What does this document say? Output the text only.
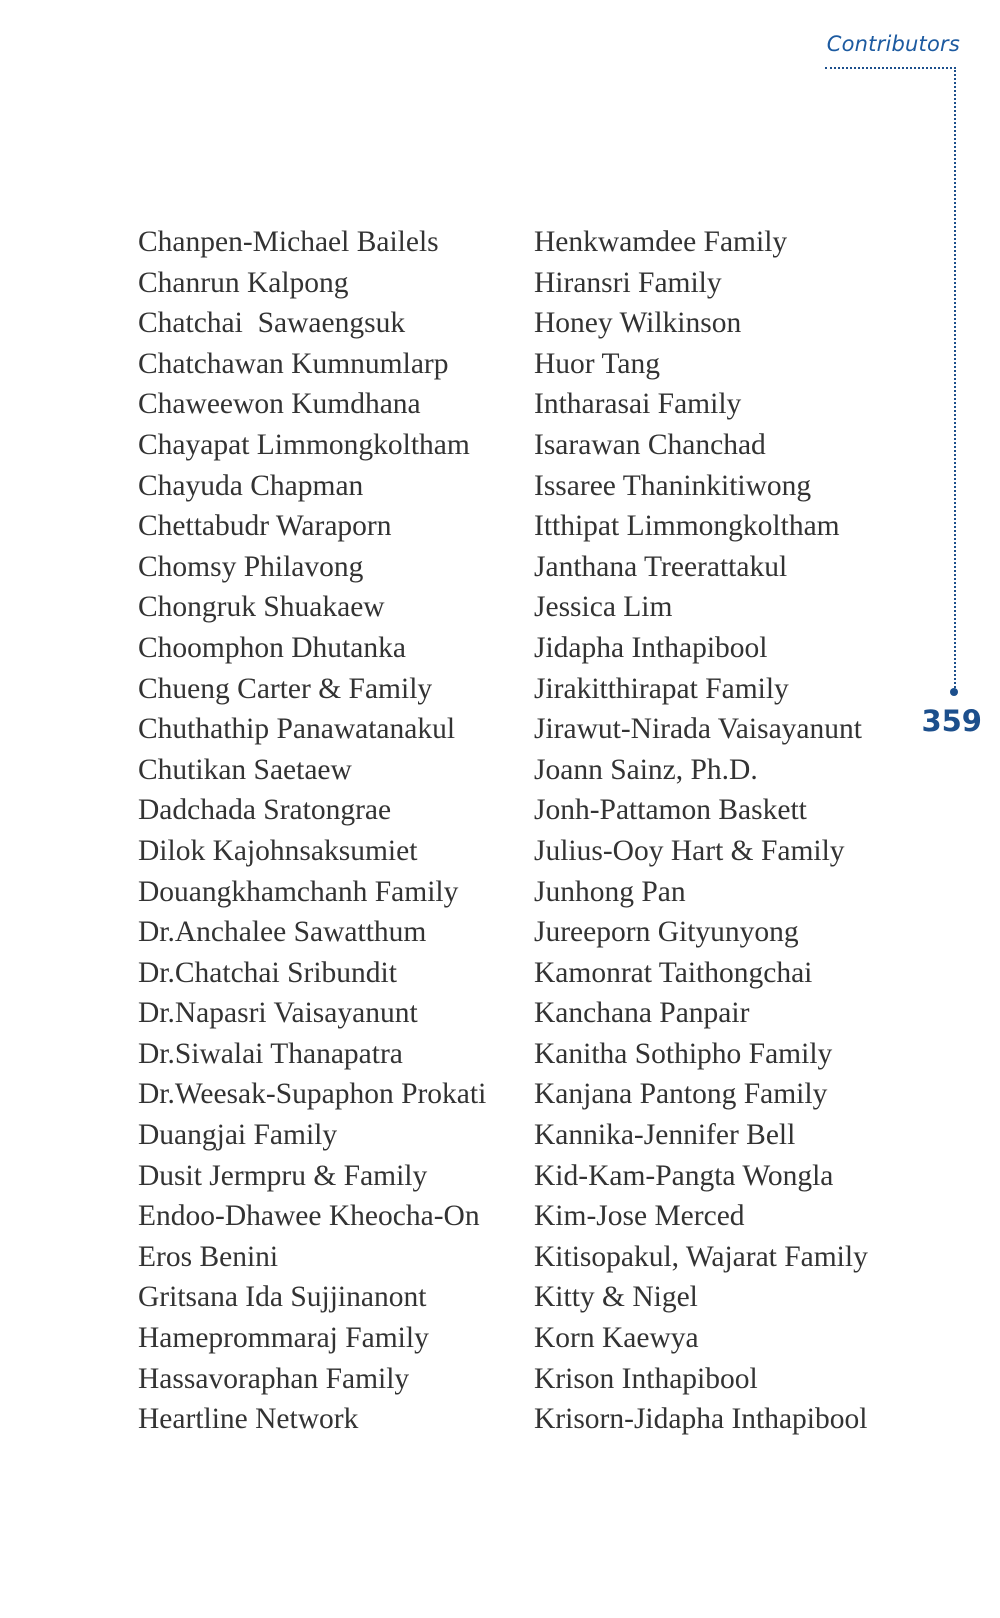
Contributors
359
Chanpen-Michael Bailels
Chanrun Kalpong
Chatchai  Sawaengsuk
Chatchawan Kumnumlarp
Chaweewon Kumdhana
Chayapat Limmongkoltham
Chayuda Chapman
Chettabudr Waraporn
Chomsy Philavong
Chongruk Shuakaew
Choomphon Dhutanka
Chueng Carter & Family
Chuthathip Panawatanakul
Chutikan Saetaew
Dadchada Sratongrae
Dilok Kajohnsaksumiet
Douangkhamchanh Family
Dr.Anchalee Sawatthum
Dr.Chatchai Sribundit
Dr.Napasri Vaisayanunt
Dr.Siwalai Thanapatra
Dr.Weesak-Supaphon Prokati
Duangjai Family
Dusit Jermpru & Family
Endoo-Dhawee Kheocha-On
Eros Benini
Gritsana Ida Sujjinanont
Hameprommaraj Family
Hassavoraphan Family
Heartline Network
Henkwamdee Family
Hiransri Family
Honey Wilkinson
Huor Tang
Intharasai Family
Isarawan Chanchad
Issaree Thaninkitiwong
Itthipat Limmongkoltham
Janthana Treerattakul
Jessica Lim
Jidapha Inthapibool
Jirakitthirapat Family
Jirawut-Nirada Vaisayanunt
Joann Sainz, Ph.D.
Jonh-Pattamon Baskett
Julius-Ooy Hart & Family
Junhong Pan
Jureeporn Gityunyong
Kamonrat Taithongchai
Kanchana Panpair
Kanitha Sothipho Family
Kanjana Pantong Family
Kannika-Jennifer Bell
Kid-Kam-Pangta Wongla
Kim-Jose Merced
Kitisopakul, Wajarat Family
Kitty & Nigel
Korn Kaewya
Krison Inthapibool
Krisorn-Jidapha Inthapibool
